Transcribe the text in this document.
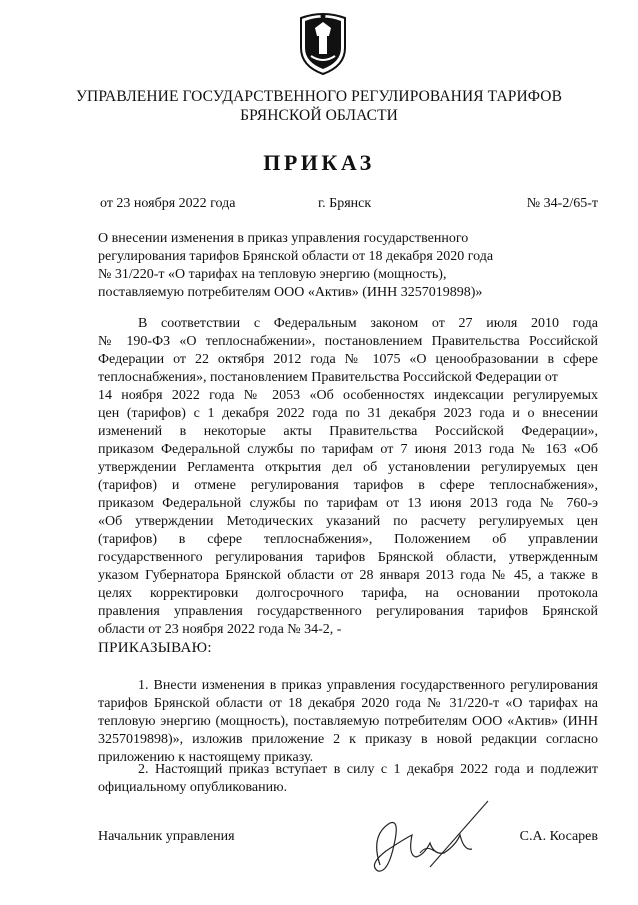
УПРАВЛЕНИЕ ГОСУДАРСТВЕННОГО РЕГУЛИРОВАНИЯ ТАРИФОВ
БРЯНСКОЙ ОБЛАСТИ
ПРИКАЗ
от 23 ноября 2022 года	г. Брянск	№ 34-2/65-т
О внесении изменения в приказ управления государственного
регулирования тарифов Брянской области от 18 декабря 2020 года
№ 31/220-т «О тарифах на тепловую энергию (мощность),
поставляемую потребителям ООО «Актив» (ИНН 3257019898)»
В соответствии с Федеральным законом от 27 июля 2010 года
№ 190-ФЗ «О теплоснабжении», постановлением Правительства Российской
Федерации от 22 октября 2012 года № 1075 «О ценообразовании в сфере
теплоснабжения», постановлением Правительства Российской Федерации от
14 ноября 2022 года № 2053 «Об особенностях индексации регулируемых
цен (тарифов) с 1 декабря 2022 года по 31 декабря 2023 года и о внесении
изменений в некоторые акты Правительства Российской Федерации»,
приказом Федеральной службы по тарифам от 7 июня 2013 года № 163 «Об
утверждении Регламента открытия дел об установлении регулируемых цен
(тарифов) и отмене регулирования тарифов в сфере теплоснабжения»,
приказом Федеральной службы по тарифам от 13 июня 2013 года № 760-э
«Об утверждении Методических указаний по расчету регулируемых цен
(тарифов) в сфере теплоснабжения», Положением об управлении
государственного регулирования тарифов Брянской области, утвержденным
указом Губернатора Брянской области от 28 января 2013 года № 45, а также в
целях корректировки долгосрочного тарифа, на основании протокола
правления управления государственного регулирования тарифов Брянской
области от 23 ноября 2022 года № 34-2, -
ПРИКАЗЫВАЮ:
1. Внести изменения в приказ управления государственного регулирования тарифов Брянской области от 18 декабря 2020 года № 31/220-т «О тарифах на тепловую энергию (мощность), поставляемую потребителям ООО «Актив» (ИНН 3257019898)», изложив приложение 2 к приказу в новой редакции согласно приложению к настоящему приказу.
2. Настоящий приказ вступает в силу с 1 декабря 2022 года и подлежит официальному опубликованию.
Начальник управления	С.А. Косарев
